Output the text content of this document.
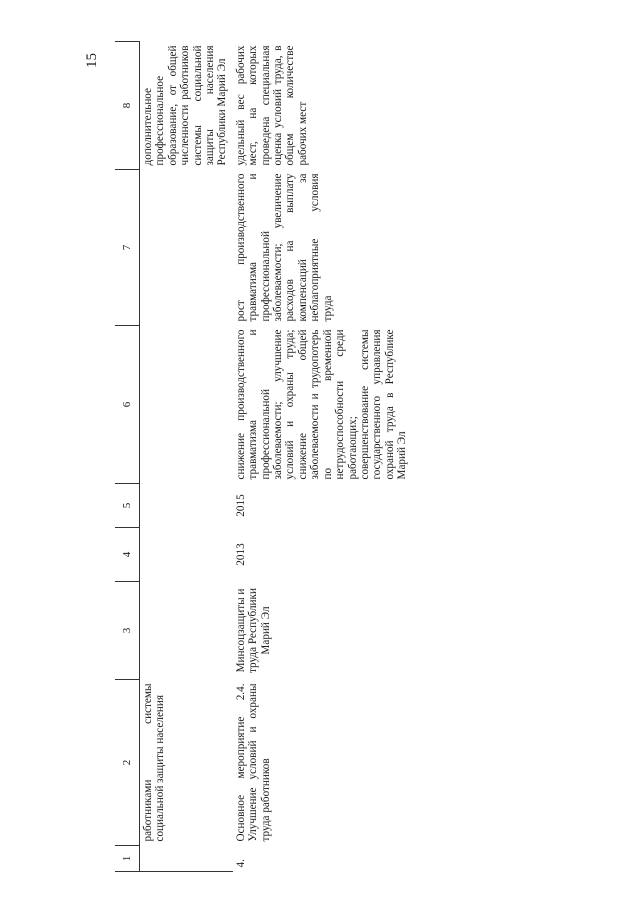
15
1	2	3	4	5	6	7	8
	работниками системы социальной защиты населения						дополнительное профессиональное образование, от общей численности работников системы социальной защиты населения Республики Марий Эл
4.	Основное мероприятие 2.4. Улучшение условий и охраны труда работников	Минсоцзащиты и труда Республики Марий Эл	2013	2015	снижение производственного травматизма и профессиональной заболеваемости; улучшение условий и охраны труда; снижение общей заболеваемости и трудопотерь по временной нетрудоспособности среди работающих; совершенствование системы государственного управления охраной труда в Республике Марий Эл	рост производственного травматизма и профессиональной заболеваемости; увеличение расходов на выплату компенсаций за неблагоприятные условия труда	удельный вес рабочих мест, на которых проведена специальная оценка условий труда, в общем количестве рабочих мест
